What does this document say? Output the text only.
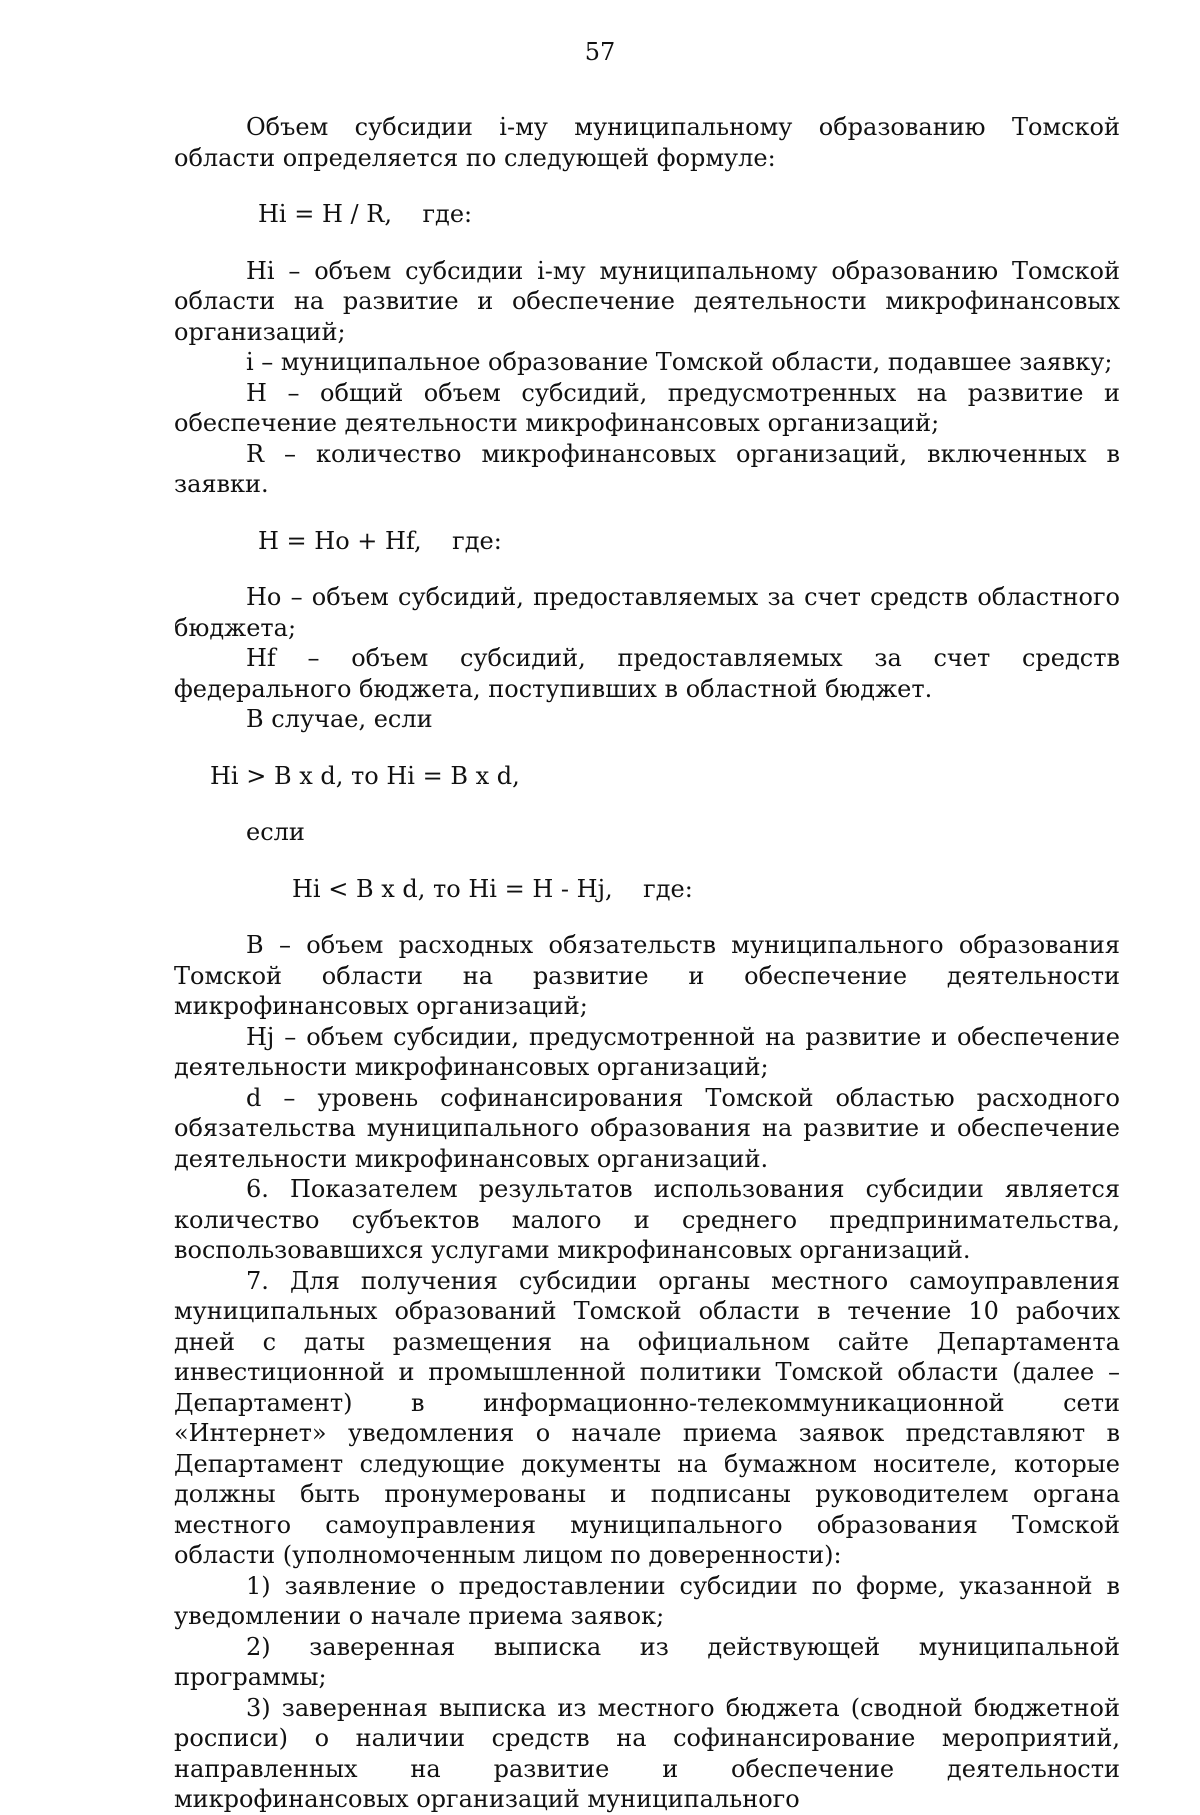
57

Объем субсидии i-му муниципальному образованию Томской области определяется по следующей формуле:

Hi = H / R,    где:

Hi – объем субсидии i-му муниципальному образованию Томской области на развитие и обеспечение деятельности микрофинансовых организаций;

i – муниципальное образование Томской области, подавшее заявку;

H – общий объем субсидий, предусмотренных на развитие и обеспечение деятельности микрофинансовых организаций;

R – количество микрофинансовых организаций, включенных в заявки.

H = Ho + Hf,    где:

Ho – объем субсидий, предоставляемых за счет средств областного бюджета;

Hf – объем субсидий, предоставляемых за счет средств федерального бюджета, поступивших в областной бюджет.

В случае, если

Hi > B x d, то Hi = B x d,

если

Hi < B x d, то Hi = H - Hj,    где:

B – объем расходных обязательств муниципального образования Томской области на развитие и обеспечение деятельности микрофинансовых организаций;

Hj – объем субсидии, предусмотренной на развитие и обеспечение деятельности микрофинансовых организаций;

d – уровень софинансирования Томской областью расходного обязательства муниципального образования на развитие и обеспечение деятельности микрофинансовых организаций.

6. Показателем результатов использования субсидии является количество субъектов малого и среднего предпринимательства, воспользовавшихся услугами микрофинансовых организаций.

7. Для получения субсидии органы местного самоуправления муниципальных образований Томской области в течение 10 рабочих дней с даты размещения на официальном сайте Департамента инвестиционной и промышленной политики Томской области (далее – Департамент) в информационно-телекоммуникационной сети «Интернет» уведомления о начале приема заявок представляют в Департамент следующие документы на бумажном носителе, которые должны быть пронумерованы и подписаны руководителем органа местного самоуправления муниципального образования Томской области (уполномоченным лицом по доверенности):

1) заявление о предоставлении субсидии по форме, указанной в уведомлении о начале приема заявок;

2) заверенная выписка из действующей муниципальной программы;

3) заверенная выписка из местного бюджета (сводной бюджетной росписи) о наличии средств на софинансирование мероприятий, направленных на развитие и обеспечение деятельности микрофинансовых организаций муниципального
